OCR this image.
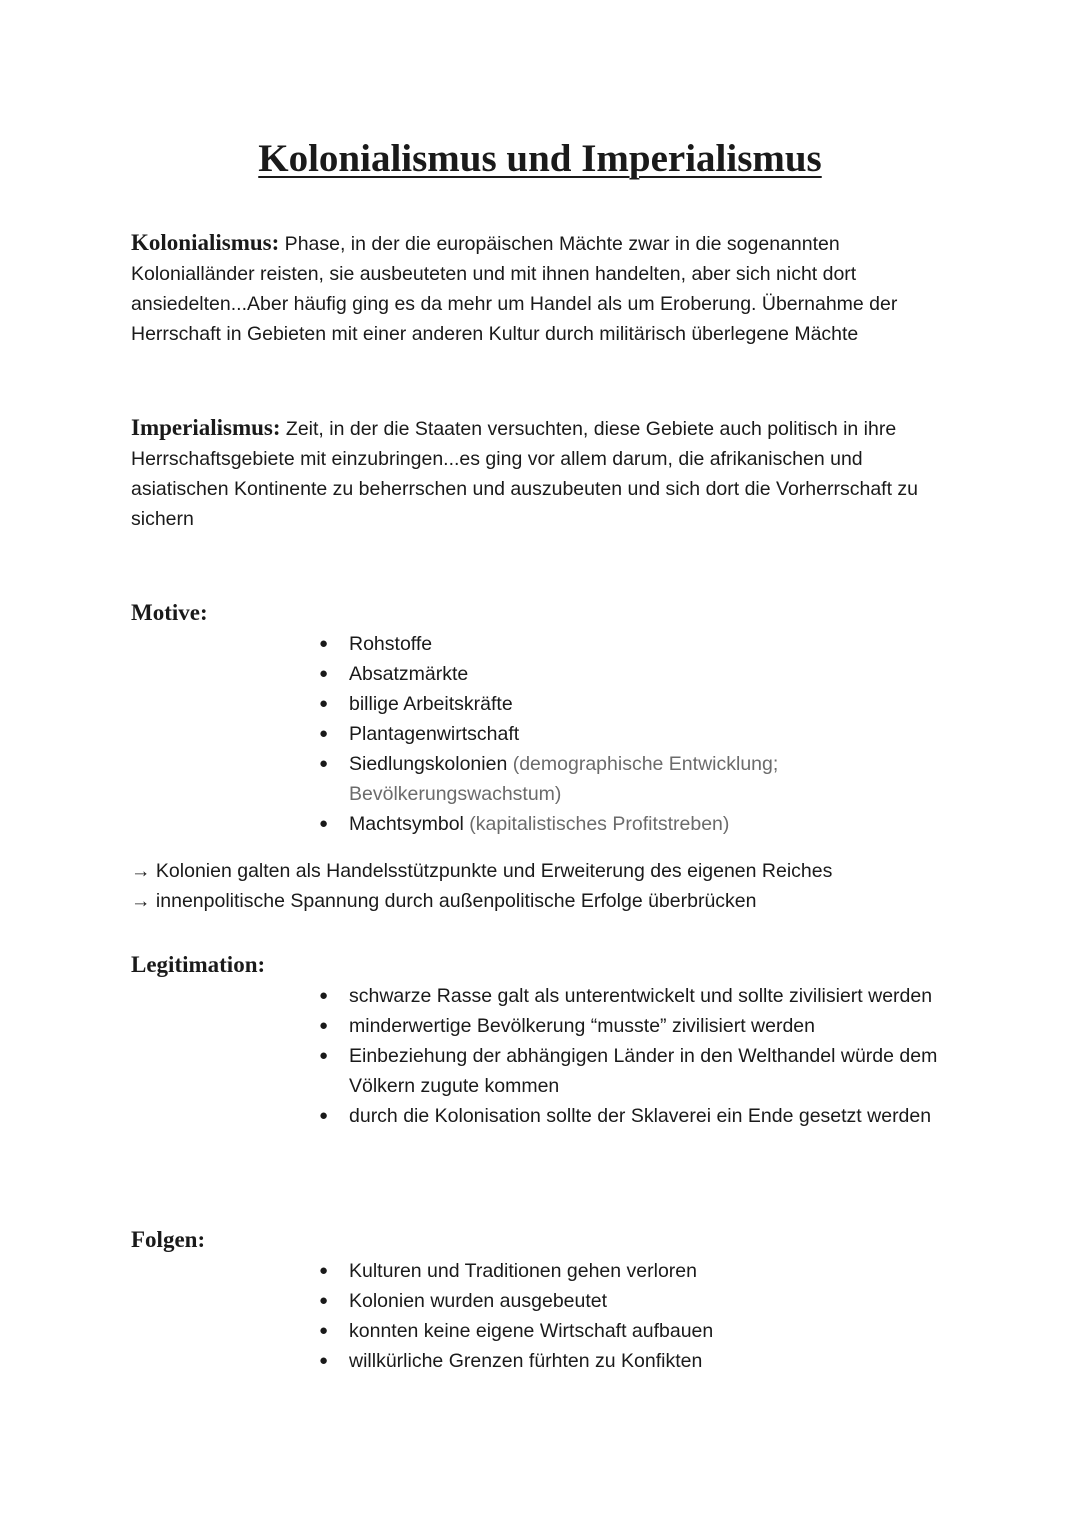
Kolonialismus und Imperialismus

Kolonialismus: Phase, in der die europäischen Mächte zwar in die sogenannten Kolonialländer reisten, sie ausbeuteten und mit ihnen handelten, aber sich nicht dort ansiedelten...Aber häufig ging es da mehr um Handel als um Eroberung. Übernahme der Herrschaft in Gebieten mit einer anderen Kultur durch militärisch überlegene Mächte

Imperialismus: Zeit, in der die Staaten versuchten, diese Gebiete auch politisch in ihre Herrschaftsgebiete mit einzubringen...es ging vor allem darum, die afrikanischen und asiatischen Kontinente zu beherrschen und auszubeuten und sich dort die Vorherrschaft zu sichern

Motive:
● Rohstoffe
● Absatzmärkte
● billige Arbeitskräfte
● Plantagenwirtschaft
● Siedlungskolonien (demographische Entwicklung; Bevölkerungswachstum)
● Machtsymbol (kapitalistisches Profitstreben)

→ Kolonien galten als Handelsstützpunkte und Erweiterung des eigenen Reiches

→ innenpolitische Spannung durch außenpolitische Erfolge überbrücken

Legitimation:
● schwarze Rasse galt als unterentwickelt und sollte zivilisiert werden
● minderwertige Bevölkerung “musste” zivilisiert werden
● Einbeziehung der abhängigen Länder in den Welthandel würde dem Völkern zugute kommen
● durch die Kolonisation sollte der Sklaverei ein Ende gesetzt werden
Folgen:
● Kulturen und Traditionen gehen verloren
● Kolonien wurden ausgebeutet
● konnten keine eigene Wirtschaft aufbauen
● willkürliche Grenzen fürhten zu Konfikten
